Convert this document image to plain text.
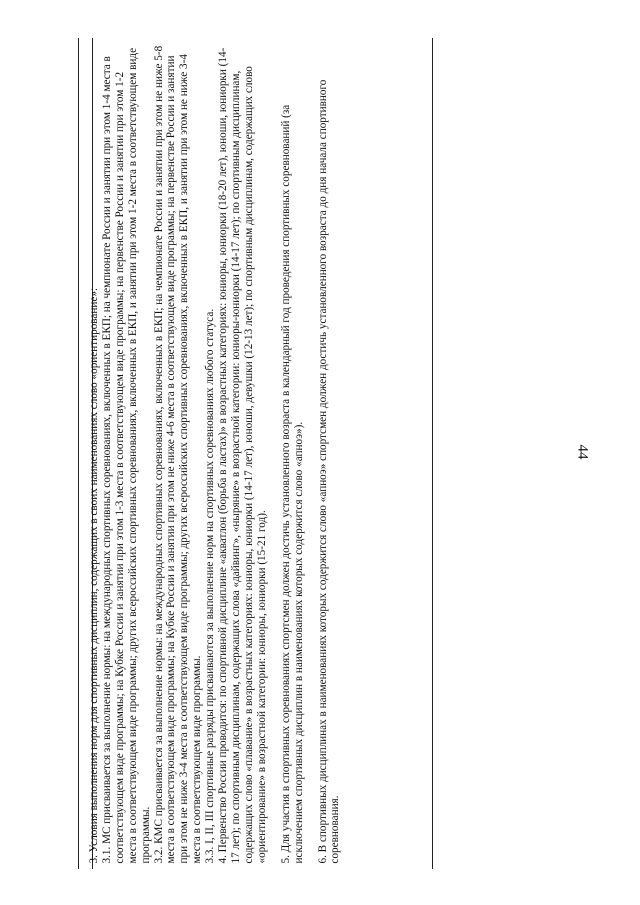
44

3. Условия выполнения норм для спортивных дисциплин, содержащих в своих наименованиях слово «ориентирование»: 3.1. МС присваивается за выполнение нормы: на международных спортивных соревнованиях, включенных в ЕКП; на чемпионате России и занятии при этом 1-4 места в соответствующем виде программы; на Кубке России и занятии при этом 1-3 места в соответствующем виде программы; на первенстве России и занятии при этом 1-2 места в соответствующем виде программы; других всероссийских спортивных соревнованиях, включенных в ЕКП, и занятии при этом 1-2 места в соответствующем виде программы. 3.2. КМС присваивается за выполнение нормы: на международных спортивных соревнованиях, включенных в ЕКП; на чемпионате России и занятии при этом не ниже 5-8 места в соответствующем виде программы; на Кубке России и занятии при этом не ниже 4-6 места в соответствующем виде программы; на первенстве России и занятии при этом не ниже 3-4 места в соответствующем виде программы; других всероссийских спортивных соревнованиях, включенных в ЕКП, и занятии при этом не ниже 3-4 места в соответствующем виде программы. 3.3. I, II, III спортивные разряды присваиваются за выполнение норм на спортивных соревнованиях любого статуса. 4. Первенство России проводится: по спортивной дисциплине «акватлон (борьба в ластах)» в возрастных категориях: юниоры, юниорки (18-20 лет), юноши, юниорки (14-17 лет); по спортивным дисциплинам, содержащих слова «дайвинг», «ныряние» в возрастной категории: юниоры-юниорки (14-17 лет); по спортивным дисциплинам, содержащих слово «плавание» в возрастных категориях: юниоры, юниорки (14-17 лет), юноши, девушки (12-13 лет); по спортивным дисциплинам, содержащих слово «ориентирование» в возрастной категории: юниоры, юниорки (15-21 год). 5. Для участия в спортивных соревнованиях спортсмен должен достичь установленного возраста в календарный год проведения спортивных соревнований (за исключением спортивных дисциплин в наименованиях которых содержится слово «апноэ»). 6. В спортивных дисциплинах в наименованиях которых содержится слово «апноэ» спортсмен должен достичь установленного возраста до дня начала спортивного соревнования.
